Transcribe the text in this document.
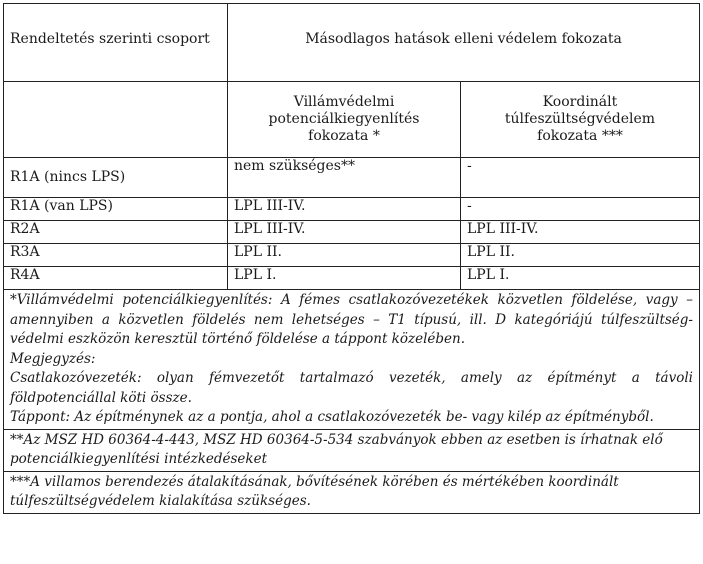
Rendeltetés szerinti csoport	Másodlagos hatások elleni védelem fokozata	
	Villámvédelmi potenciálkiegyenlítés fokozata *	Koordinált túlfeszültségvédelem fokozata ***
R1A (nincs LPS)	nem szükséges**	-
R1A (van LPS)	LPL III-IV.	-
R2A	LPL III-IV.	LPL III-IV.
R3A	LPL II.	LPL II.
R4A	LPL I.	LPL I.

*Villámvédelmi potenciálkiegyenlítés: A fémes csatlakozóvezetékek közvetlen földelése, vagy – amennyiben a közvetlen földelés nem lehetséges – T1 típusú, ill. D kategóriájú túlfeszültség-védelmi eszközön keresztül történő földelése a táppont közelében.

Megjegyzés:

Csatlakozóvezeték: olyan fémvezetőt tartalmazó vezeték, amely az építményt a távoli földpotenciállal köti össze.

Táppont: Az építménynek az a pontja, ahol a csatlakozóvezeték be- vagy kilép az építményből.		

**Az MSZ HD 60364-4-443, MSZ HD 60364-5-534 szabványok ebben az esetben is írhatnak elő potenciálkiegyenlítési intézkedéseket		
***A villamos berendezés átalakításának, bővítésének körében és mértékében koordinált túlfeszültségvédelem kialakítása szükséges.		
